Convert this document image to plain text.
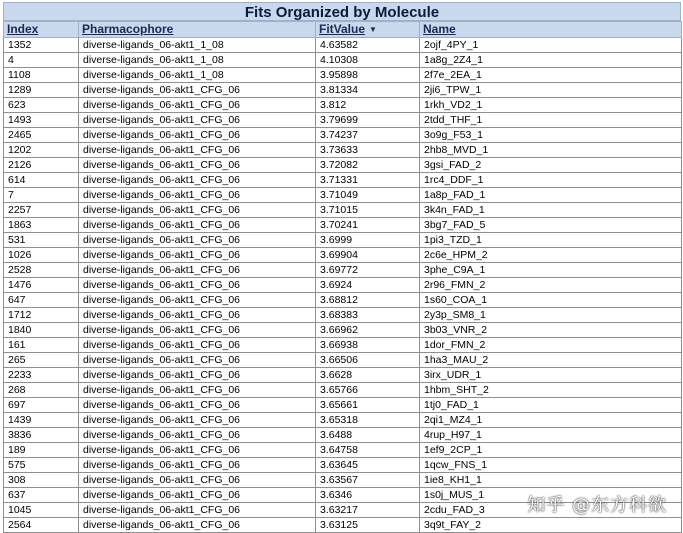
Fits Organized by Molecule
Index	Pharmacophore	FitValue ▼	Name
1352	diverse-ligands_06-akt1_1_08	4.63582	2ojf_4PY_1
4	diverse-ligands_06-akt1_1_08	4.10308	1a8g_2Z4_1
1108	diverse-ligands_06-akt1_1_08	3.95898	2f7e_2EA_1
1289	diverse-ligands_06-akt1_CFG_06	3.81334	2ji6_TPW_1
623	diverse-ligands_06-akt1_CFG_06	3.812	1rkh_VD2_1
1493	diverse-ligands_06-akt1_CFG_06	3.79699	2tdd_THF_1
2465	diverse-ligands_06-akt1_CFG_06	3.74237	3o9g_F53_1
1202	diverse-ligands_06-akt1_CFG_06	3.73633	2hb8_MVD_1
2126	diverse-ligands_06-akt1_CFG_06	3.72082	3gsi_FAD_2
614	diverse-ligands_06-akt1_CFG_06	3.71331	1rc4_DDF_1
7	diverse-ligands_06-akt1_CFG_06	3.71049	1a8p_FAD_1
2257	diverse-ligands_06-akt1_CFG_06	3.71015	3k4n_FAD_1
1863	diverse-ligands_06-akt1_CFG_06	3.70241	3bg7_FAD_5
531	diverse-ligands_06-akt1_CFG_06	3.6999	1pi3_TZD_1
1026	diverse-ligands_06-akt1_CFG_06	3.69904	2c6e_HPM_2
2528	diverse-ligands_06-akt1_CFG_06	3.69772	3phe_C9A_1
1476	diverse-ligands_06-akt1_CFG_06	3.6924	2r96_FMN_2
647	diverse-ligands_06-akt1_CFG_06	3.68812	1s60_COA_1
1712	diverse-ligands_06-akt1_CFG_06	3.68383	2y3p_SM8_1
1840	diverse-ligands_06-akt1_CFG_06	3.66962	3b03_VNR_2
161	diverse-ligands_06-akt1_CFG_06	3.66938	1dor_FMN_2
265	diverse-ligands_06-akt1_CFG_06	3.66506	1ha3_MAU_2
2233	diverse-ligands_06-akt1_CFG_06	3.6628	3irx_UDR_1
268	diverse-ligands_06-akt1_CFG_06	3.65766	1hbm_SHT_2
697	diverse-ligands_06-akt1_CFG_06	3.65661	1tj0_FAD_1
1439	diverse-ligands_06-akt1_CFG_06	3.65318	2qi1_MZ4_1
3836	diverse-ligands_06-akt1_CFG_06	3.6488	4rup_H97_1
189	diverse-ligands_06-akt1_CFG_06	3.64758	1ef9_2CP_1
575	diverse-ligands_06-akt1_CFG_06	3.63645	1qcw_FNS_1
308	diverse-ligands_06-akt1_CFG_06	3.63567	1ie8_KH1_1
637	diverse-ligands_06-akt1_CFG_06	3.6346	1s0j_MUS_1
1045	diverse-ligands_06-akt1_CFG_06	3.63217	2cdu_FAD_3
2564	diverse-ligands_06-akt1_CFG_06	3.63125	3q9t_FAY_2
知乎 @东方科欲
